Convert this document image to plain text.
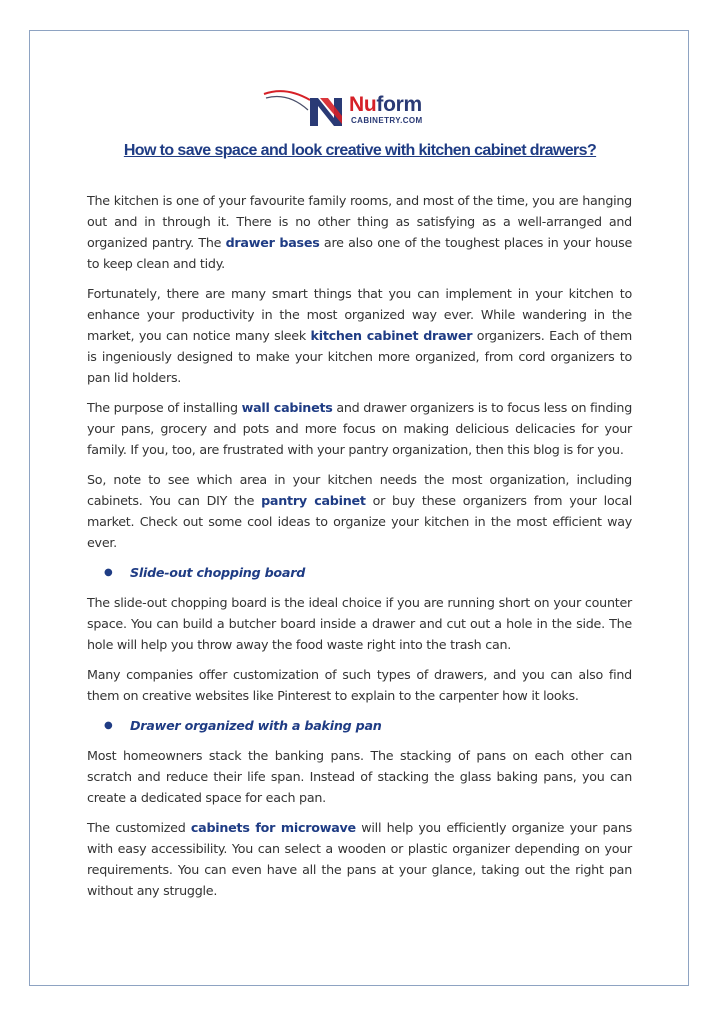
Nuform
CABINETRY.COM
How to save space and look creative with kitchen cabinet drawers?

The kitchen is one of your favourite family rooms, and most of the time, you are hanging out and in through it. There is no other thing as satisfying as a well-arranged and organized pantry. The drawer bases are also one of the toughest places in your house to keep clean and tidy.

Fortunately, there are many smart things that you can implement in your kitchen to enhance your productivity in the most organized way ever. While wandering in the market, you can notice many sleek kitchen cabinet drawer organizers. Each of them is ingeniously designed to make your kitchen more organized, from cord organizers to pan lid holders.

The purpose of installing wall cabinets and drawer organizers is to focus less on finding your pans, grocery and pots and more focus on making delicious delicacies for your family. If you, too, are frustrated with your pantry organization, then this blog is for you.

So, note to see which area in your kitchen needs the most organization, including cabinets. You can DIY the pantry cabinet or buy these organizers from your local market. Check out some cool ideas to organize your kitchen in the most efficient way ever.

●	Slide-out chopping board

The slide-out chopping board is the ideal choice if you are running short on your counter space. You can build a butcher board inside a drawer and cut out a hole in the side. The hole will help you throw away the food waste right into the trash can.

Many companies offer customization of such types of drawers, and you can also find them on creative websites like Pinterest to explain to the carpenter how it looks.

●	Drawer organized with a baking pan

Most homeowners stack the banking pans. The stacking of pans on each other can scratch and reduce their life span. Instead of stacking the glass baking pans, you can create a dedicated space for each pan.

The customized cabinets for microwave will help you efficiently organize your pans with easy accessibility. You can select a wooden or plastic organizer depending on your requirements. You can even have all the pans at your glance, taking out the right pan without any struggle.
